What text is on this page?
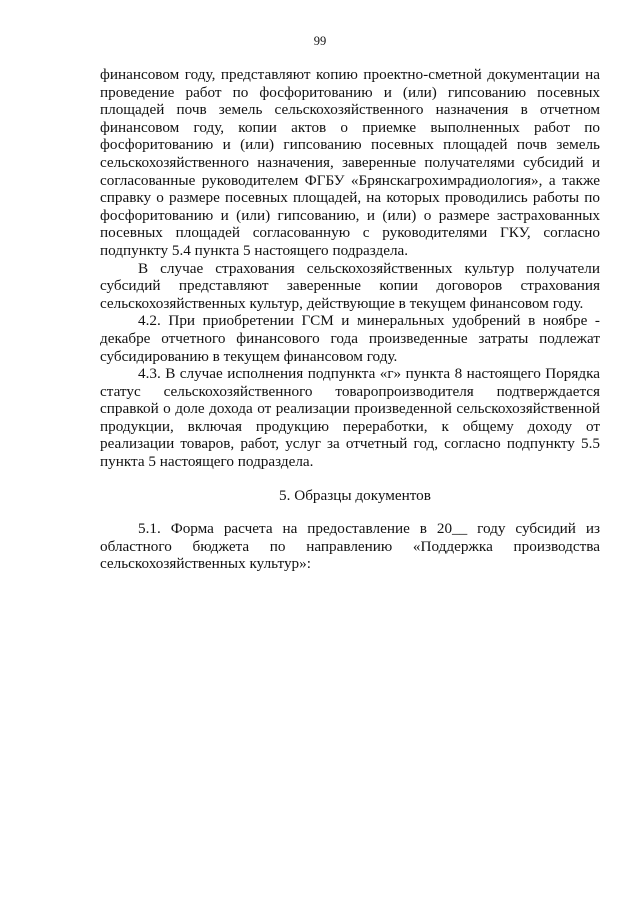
99

финансовом году, представляют копию проектно-сметной документации на проведение работ по фосфоритованию и (или) гипсованию посевных площадей почв земель сельскохозяйственного назначения в отчетном финансовом году, копии актов о приемке выполненных работ по фосфоритованию и (или) гипсованию посевных площадей почв земель сельскохозяйственного назначения, заверенные получателями субсидий и согласованные руководителем ФГБУ «Брянскагрохимрадиология», а также справку о размере посевных площадей, на которых проводились работы по фосфоритованию и (или) гипсованию, и (или) о размере застрахованных посевных площадей согласованную с руководителями ГКУ, согласно подпункту 5.4 пункта 5 настоящего подраздела.

В случае страхования сельскохозяйственных культур получатели субсидий представляют заверенные копии договоров страхования сельскохозяйственных культур, действующие в текущем финансовом году.

4.2. При приобретении ГСМ и минеральных удобрений в ноябре - декабре отчетного финансового года произведенные затраты подлежат субсидированию в текущем финансовом году.

4.3. В случае исполнения подпункта «г» пункта 8 настоящего Порядка статус сельскохозяйственного товаропроизводителя подтверждается справкой о доле дохода от реализации произведенной сельскохозяйственной продукции, включая продукцию переработки, к общему доходу от реализации товаров, работ, услуг за отчетный год, согласно подпункту 5.5 пункта 5 настоящего подраздела.

5. Образцы документов

5.1. Форма расчета на предоставление в 20__ году субсидий из областного бюджета по направлению «Поддержка производства сельскохозяйственных культур»:
